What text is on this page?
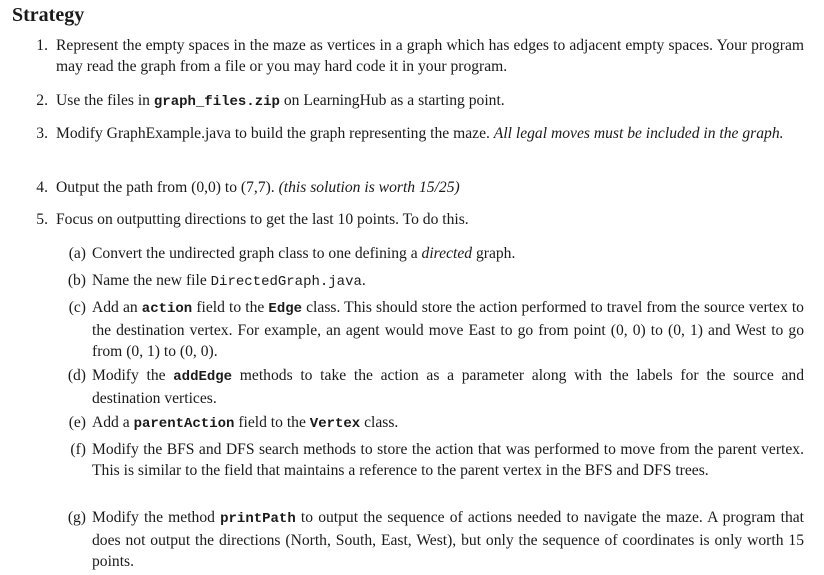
Strategy
1. Represent the empty spaces in the maze as vertices in a graph which has edges to adjacent empty spaces. Your program may read the graph from a file or you may hard code it in your program.
2. Use the files in graph_files.zip on LearningHub as a starting point.
3. Modify GraphExample.java to build the graph representing the maze. All legal moves must be included in the graph.
4. Output the path from (0,0) to (7,7). (this solution is worth 15/25)
5. Focus on outputting directions to get the last 10 points. To do this.
(a) Convert the undirected graph class to one defining a directed graph.
(b) Name the new file DirectedGraph.java.
(c) Add an action field to the Edge class. This should store the action performed to travel from the source vertex to the destination vertex. For example, an agent would move East to go from point (0, 0) to (0, 1) and West to go from (0, 1) to (0, 0).
(d) Modify the addEdge methods to take the action as a parameter along with the labels for the source and destination vertices.
(e) Add a parentAction field to the Vertex class.
(f) Modify the BFS and DFS search methods to store the action that was performed to move from the parent vertex. This is similar to the field that maintains a reference to the parent vertex in the BFS and DFS trees.
(g) Modify the method printPath to output the sequence of actions needed to navigate the maze. A program that does not output the directions (North, South, East, West), but only the sequence of coordinates is only worth 15 points.
